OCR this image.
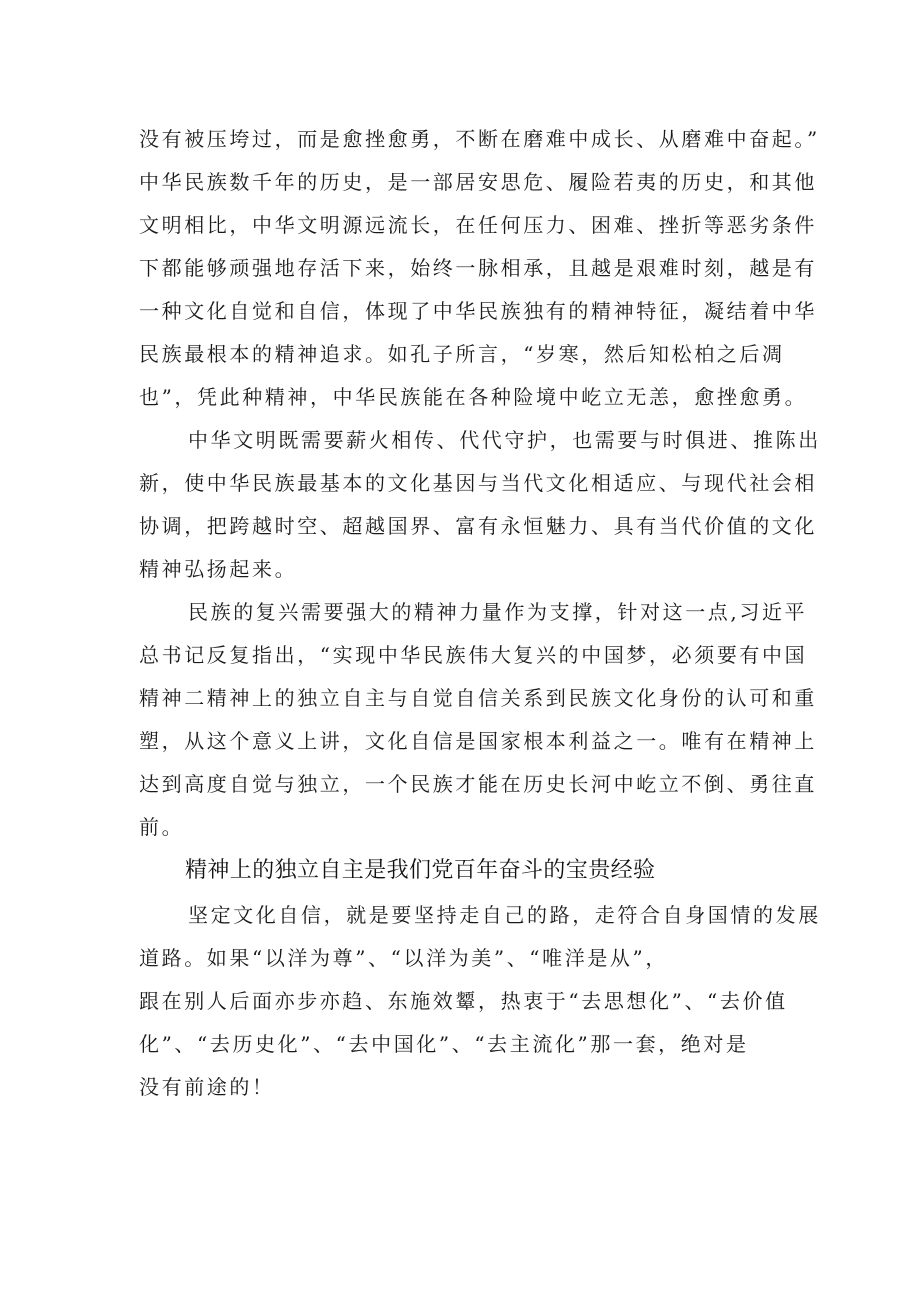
没有被压垮过，而是愈挫愈勇，不断在磨难中成长、从磨难中奋起。”
中华民族数千年的历史，是一部居安思危、履险若夷的历史，和其他
文明相比，中华文明源远流长，在任何压力、困难、挫折等恶劣条件
下都能够顽强地存活下来，始终一脉相承，且越是艰难时刻，越是有
一种文化自觉和自信，体现了中华民族独有的精神特征，凝结着中华
民族最根本的精神追求。如孔子所言，“岁寒，然后知松柏之后凋
也”，凭此种精神，中华民族能在各种险境中屹立无恙，愈挫愈勇。
中华文明既需要薪火相传、代代守护，也需要与时俱进、推陈出
新，使中华民族最基本的文化基因与当代文化相适应、与现代社会相
协调，把跨越时空、超越国界、富有永恒魅力、具有当代价值的文化
精神弘扬起来。
民族的复兴需要强大的精神力量作为支撑，针对这一点,习近平
总书记反复指出，“实现中华民族伟大复兴的中国梦，必须要有中国
精神二精神上的独立自主与自觉自信关系到民族文化身份的认可和重
塑，从这个意义上讲，文化自信是国家根本利益之一。唯有在精神上
达到高度自觉与独立，一个民族才能在历史长河中屹立不倒、勇往直
前。
精神上的独立自主是我们党百年奋斗的宝贵经验
坚定文化自信，就是要坚持走自己的路，走符合自身国情的发展
道路。如果“以洋为尊”、“以洋为美”、“唯洋是从”，
跟在别人后面亦步亦趋、东施效颦，热衷于“去思想化”、“去价值
化”、“去历史化”、“去中国化”、“去主流化”那一套，绝对是
没有前途的！
